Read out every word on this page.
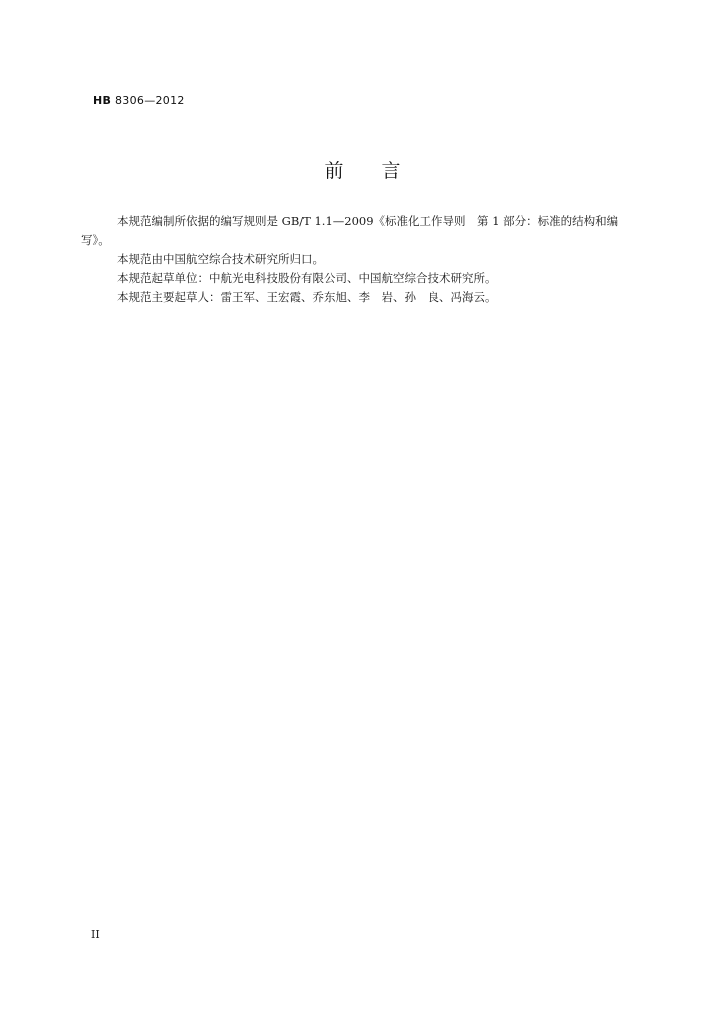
HB 8306—2012
前言

本规范编制所依据的编写规则是 GB/T 1.1—2009《标准化工作导则　第 1 部分：标准的结构和编

写》。

本规范由中国航空综合技术研究所归口。

本规范起草单位：中航光电科技股份有限公司、中国航空综合技术研究所。

本规范主要起草人：雷王军、王宏霞、乔东旭、李　岩、孙　良、冯海云。

II
